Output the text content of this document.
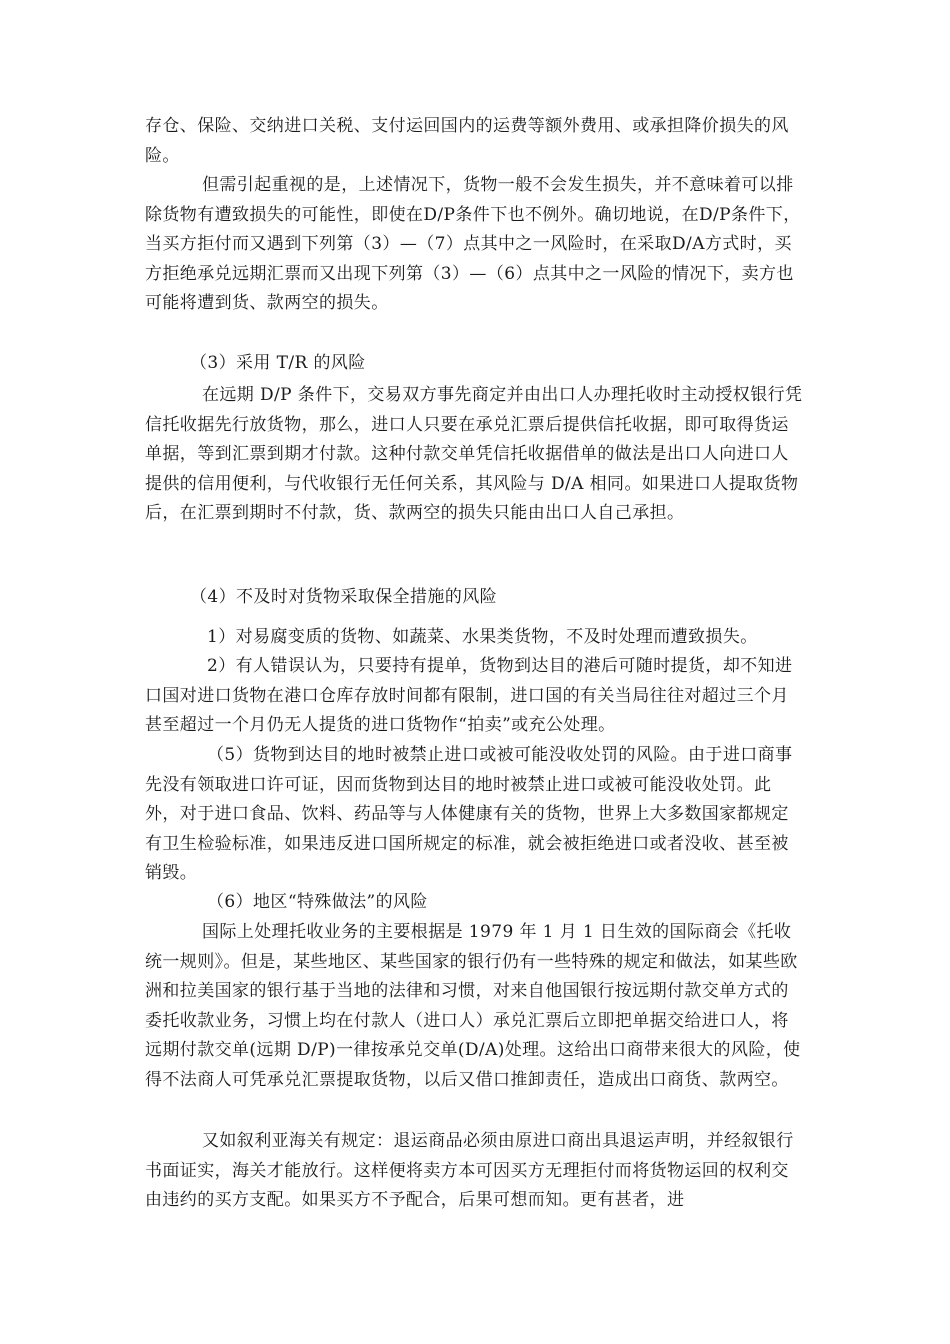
存仓、保险、交纳进口关税、支付运回国内的运费等额外费用、或承担降价损失的风险。

但需引起重视的是，上述情况下，货物一般不会发生损失，并不意味着可以排除货物有遭致损失的可能性，即使在D/P条件下也不例外。确切地说，在D/P条件下，当买方拒付而又遇到下列第（3）—（7）点其中之一风险时，在采取D/A方式时，买方拒绝承兑远期汇票而又出现下列第（3）—（6）点其中之一风险的情况下，卖方也可能将遭到货、款两空的损失。

（3）采用 T/R 的风险

在远期 D/P 条件下，交易双方事先商定并由出口人办理托收时主动授权银行凭信托收据先行放货物，那么，进口人只要在承兑汇票后提供信托收据，即可取得货运单据，等到汇票到期才付款。这种付款交单凭信托收据借单的做法是出口人向进口人提供的信用便利，与代收银行无任何关系，其风险与 D/A 相同。如果进口人提取货物后，在汇票到期时不付款，货、款两空的损失只能由出口人自己承担。

（4）不及时对货物采取保全措施的风险

1）对易腐变质的货物、如蔬菜、水果类货物，不及时处理而遭致损失。

2）有人错误认为，只要持有提单，货物到达目的港后可随时提货，却不知进口国对进口货物在港口仓库存放时间都有限制，进口国的有关当局往往对超过三个月甚至超过一个月仍无人提货的进口货物作“拍卖”或充公处理。

（5）货物到达目的地时被禁止进口或被可能没收处罚的风险。由于进口商事先没有领取进口许可证，因而货物到达目的地时被禁止进口或被可能没收处罚。此外，对于进口食品、饮料、药品等与人体健康有关的货物，世界上大多数国家都规定有卫生检验标准，如果违反进口国所规定的标准，就会被拒绝进口或者没收、甚至被销毁。

（6）地区“特殊做法”的风险

国际上处理托收业务的主要根据是 1979 年 1 月 1 日生效的国际商会《托收统一规则》。但是，某些地区、某些国家的银行仍有一些特殊的规定和做法，如某些欧洲和拉美国家的银行基于当地的法律和习惯，对来自他国银行按远期付款交单方式的委托收款业务，习惯上均在付款人（进口人）承兑汇票后立即把单据交给进口人，将远期付款交单(远期 D/P)一律按承兑交单(D/A)处理。这给出口商带来很大的风险，使得不法商人可凭承兑汇票提取货物，以后又借口推卸责任，造成出口商货、款两空。

又如叙利亚海关有规定：退运商品必须由原进口商出具退运声明，并经叙银行书面证实，海关才能放行。这样便将卖方本可因买方无理拒付而将货物运回的权利交由违约的买方支配。如果买方不予配合，后果可想而知。更有甚者，进
